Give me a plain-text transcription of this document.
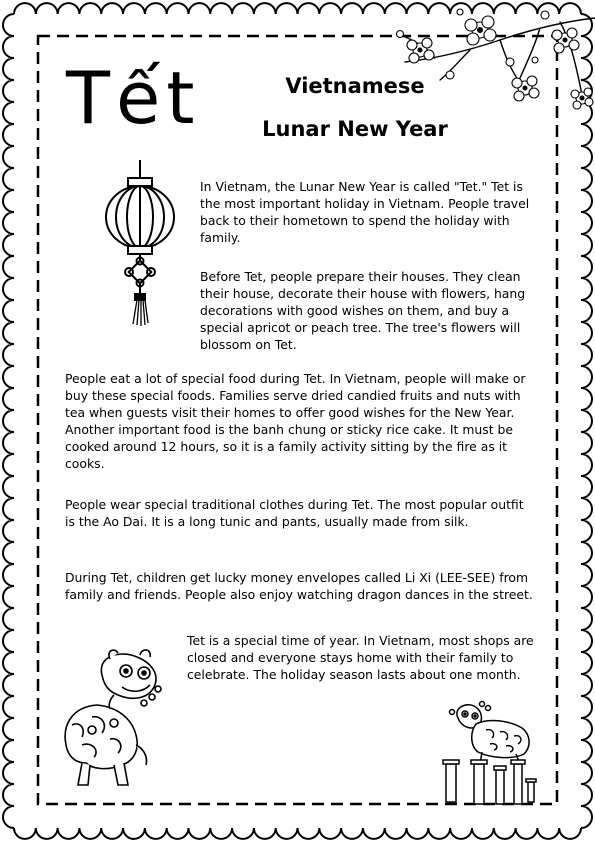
Tết	Vietnamese
Lunar New Year

In Vietnam, the Lunar New Year is called "Tet." Tet is the most important holiday in Vietnam. People travel back to their hometown to spend the holiday with family.

Before Tet, people prepare their houses. They clean their house, decorate their house with flowers, hang decorations with good wishes on them, and buy a special apricot or peach tree. The tree's flowers will blossom on Tet.

People eat a lot of special food during Tet. In Vietnam, people will make or buy these special foods. Families serve dried candied fruits and nuts with tea when guests visit their homes to offer good wishes for the New Year. Another important food is the banh chung or sticky rice cake. It must be cooked around 12 hours, so it is a family activity sitting by the fire as it cooks.

People wear special traditional clothes during Tet. The most popular outfit is the Ao Dai. It is a long tunic and pants, usually made from silk.

During Tet, children get lucky money envelopes called Li Xi (LEE-SEE) from family and friends. People also enjoy watching dragon dances in the street.

Tet is a special time of year. In Vietnam, most shops are closed and everyone stays home with their family to celebrate. The holiday season lasts about one month.
